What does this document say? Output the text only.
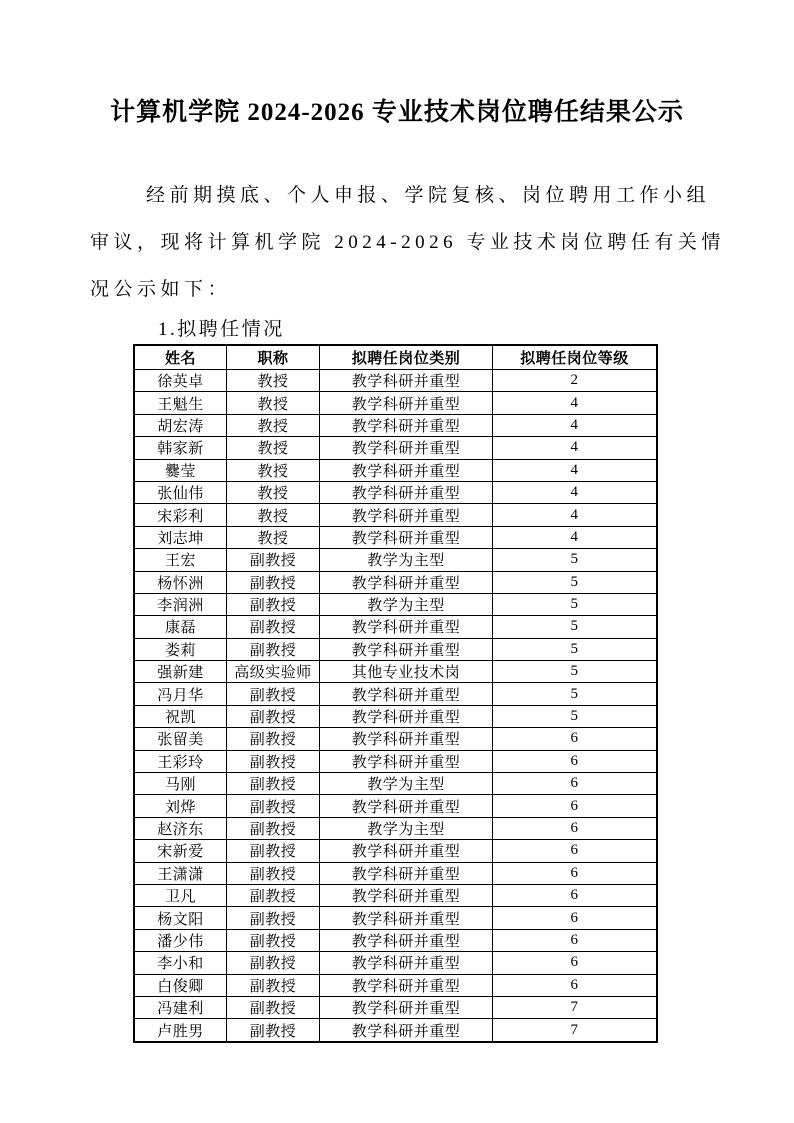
计算机学院 2024-2026 专业技术岗位聘任结果公示
经前期摸底、个人申报、学院复核、岗位聘用工作小组
审议，现将计算机学院 2024-2026 专业技术岗位聘任有关情
况公示如下：
1.拟聘任情况
姓名	职称	拟聘任岗位类别	拟聘任岗位等级
徐英卓	教授	教学科研并重型	2
王魁生	教授	教学科研并重型	4
胡宏涛	教授	教学科研并重型	4
韩家新	教授	教学科研并重型	4
爨莹	教授	教学科研并重型	4
张仙伟	教授	教学科研并重型	4
宋彩利	教授	教学科研并重型	4
刘志坤	教授	教学科研并重型	4
王宏	副教授	教学为主型	5
杨怀洲	副教授	教学科研并重型	5
李润洲	副教授	教学为主型	5
康磊	副教授	教学科研并重型	5
娄莉	副教授	教学科研并重型	5
强新建	高级实验师	其他专业技术岗	5
冯月华	副教授	教学科研并重型	5
祝凯	副教授	教学科研并重型	5
张留美	副教授	教学科研并重型	6
王彩玲	副教授	教学科研并重型	6
马刚	副教授	教学为主型	6
刘烨	副教授	教学科研并重型	6
赵济东	副教授	教学为主型	6
宋新爱	副教授	教学科研并重型	6
王潇潇	副教授	教学科研并重型	6
卫凡	副教授	教学科研并重型	6
杨文阳	副教授	教学科研并重型	6
潘少伟	副教授	教学科研并重型	6
李小和	副教授	教学科研并重型	6
白俊卿	副教授	教学科研并重型	6
冯建利	副教授	教学科研并重型	7
卢胜男	副教授	教学科研并重型	7
